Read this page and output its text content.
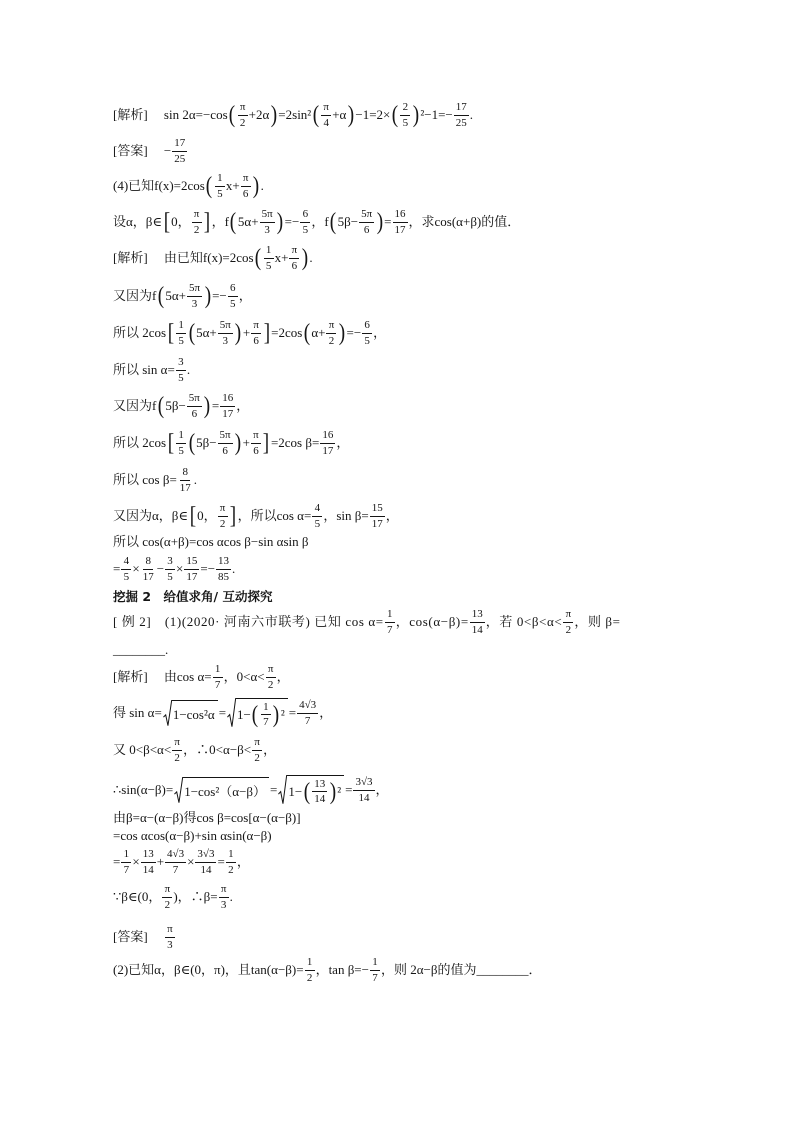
[解析]　 sin 2α=−cos ( $\frac{\pi}{2} +2\alpha$ ) =2sin² ( $\frac{\pi}{4} +\alpha$ ) −1=2× ( $\frac{2}{5}$ ) $^2-1=- \frac{17}{25}$ .
[答案]　 − $\frac{17}{25}$
(4)已知f(x)=2cos ( $\frac{1}{5} x+ \frac{\pi}{6}$ ) .
设α，β∈ [ 0， $\frac{\pi}{2}$ ] ，f ( $5\alpha+ \frac{5\pi}{3}$ ) =− $\frac{6}{5}$ ，f ( $5\beta- \frac{5\pi}{6}$ ) = $\frac{16}{17}$ ，求cos(α+β)的值．
[解析]　 由已知f(x)=2cos ( $\frac{1}{5} x+ \frac{\pi}{6}$ ) .
又因为f ( $5\alpha+ \frac{5\pi}{3}$ ) =− $\frac{6}{5}$ ，
所以 2cos [ $\frac{1}{5}$ ( $5\alpha+ \frac{5\pi}{3}$ ) + $\frac{\pi}{6}$ ] =2cos ( $\alpha+ \frac{\pi}{2}$ ) =− $\frac{6}{5}$ ，
所以 $\sin \alpha= \frac{3}{5}$ .
又因为f ( $5\beta- \frac{5\pi}{6}$ ) = $\frac{16}{17}$ ，
所以 2cos [ $\frac{1}{5}$ ( $5\beta- \frac{5\pi}{6}$ ) + $\frac{\pi}{6}$ ] =2cos $\beta= \frac{16}{17}$ ，
所以 $\cos \beta= \frac{8}{17}$ .
又因为α，β∈ [ 0， $\frac{\pi}{2}$ ] ，所以$\cos \alpha= \frac{4}{5}$ ，$\sin \beta= \frac{15}{17}$ ，
所以 cos(α+β)=cos αcos β−sin αsin β
= $\frac{4}{5} \times \frac{8}{17} - \frac{3}{5} \times \frac{15}{17} =- \frac{13}{85}$ .
挖掘 2　给值求角/ 互动探究
[ 例 2]　(1)(2020· 河南六市联考) 已知 $\cos \alpha= \frac{1}{7}$ ，$\cos(\alpha-\beta)= \frac{13}{14}$ ，若 $0<\beta<\alpha< \frac{\pi}{2}$ ，则 β=
________.
[解析]　 由$\cos \alpha= \frac{1}{7}$ ，$0<\alpha< \frac{\pi}{2}$ ，
得 sin α= 1−cos²α = 1− ( $\frac{1}{7}$ ) $^2 = \frac{4√3}{7}$ ，
又 $0<\beta<\alpha< \frac{\pi}{2}$ ，∴0<α−β< $\frac{\pi}{2}$ ，
∴sin(α−β)= 1−cos²（α−β） = 1− ( $\frac{13}{14}$ ) $^2 = \frac{3√3}{14}$ ，
由β=α−(α−β)得cos β=cos[α−(α−β)]
=cos αcos(α−β)+sin αsin(α−β)
= $\frac{1}{7} \times \frac{13}{14} + \frac{4√3}{7} \times \frac{3√3}{14} = \frac{1}{2}$ ，
∵β∈(0， $\frac{\pi}{2}$ )，∴β= $\frac{\pi}{3}$ .
[答案]　 $\frac{\pi}{3}$
(2)已知α，β∈(0，π)，且$\tan(\alpha-\beta)= \frac{1}{2}$ ，$\tan \beta=- \frac{1}{7}$ ，则 2α−β的值为________．
